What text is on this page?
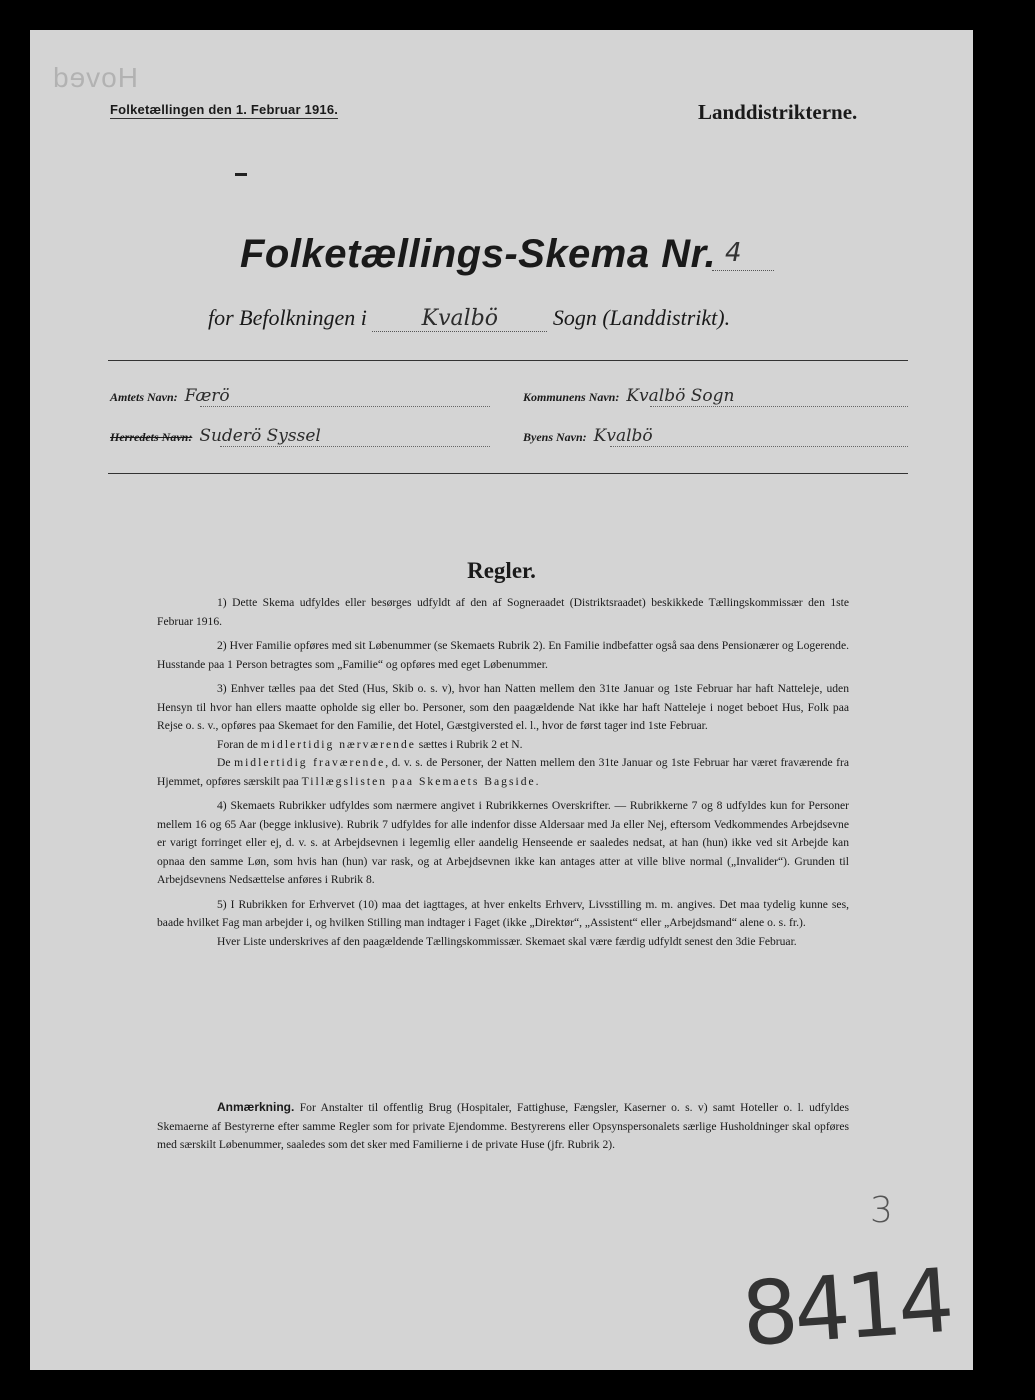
Hoved
Folketællingen den 1. Februar 1916.	Landdistrikterne.
Folketællings-Skema Nr. 4
for Befolkningen i Kvalbö Sogn (Landdistrikt).
Amtets Navn: Færö	Kommunens Navn: Kvalbö Sogn
Herredets Navn: Suderö Syssel	Byens Navn: Kvalbö
Regler.

1) Dette Skema udfyldes eller besørges udfyldt af den af Sogneraadet (Distriktsraadet) beskikkede Tællingskommissær den 1ste Februar 1916.

2) Hver Familie opføres med sit Løbenummer (se Skemaets Rubrik 2). En Familie indbefatter også saa dens Pensionærer og Logerende. Husstande paa 1 Person betragtes som „Familie“ og opføres med eget Løbenummer.

3) Enhver tælles paa det Sted (Hus, Skib o. s. v), hvor han Natten mellem den 31te Januar og 1ste Februar har haft Natteleje, uden Hensyn til hvor han ellers maatte opholde sig eller bo. Personer, som den paagældende Nat ikke har haft Natteleje i noget beboet Hus, Folk paa Rejse o. s. v., opføres paa Skemaet for den Familie, det Hotel, Gæstgiversted el. l., hvor de først tager ind 1ste Februar.

Foran de midlertidig nærværende sættes i Rubrik 2 et N.

De midlertidig fraværende, d. v. s. de Personer, der Natten mellem den 31te Januar og 1ste Februar har været fraværende fra Hjemmet, opføres særskilt paa Tillægslisten paa Skemaets Bagside.

4) Skemaets Rubrikker udfyldes som nærmere angivet i Rubrikkernes Overskrifter. — Rubrikkerne 7 og 8 udfyldes kun for Personer mellem 16 og 65 Aar (begge inklusive). Rubrik 7 udfyldes for alle indenfor disse Aldersaar med Ja eller Nej, eftersom Vedkommendes Arbejdsevne er varigt forringet eller ej, d. v. s. at Arbejdsevnen i legemlig eller aandelig Henseende er saaledes nedsat, at han (hun) ikke ved sit Arbejde kan opnaa den samme Løn, som hvis han (hun) var rask, og at Arbejdsevnen ikke kan antages atter at ville blive normal („Invalider“). Grunden til Arbejdsevnens Nedsættelse anføres i Rubrik 8.

5) I Rubrikken for Erhvervet (10) maa det iagttages, at hver enkelts Erhverv, Livsstilling m. m. angives. Det maa tydelig kunne ses, baade hvilket Fag man arbejder i, og hvilken Stilling man indtager i Faget (ikke „Direktør“, „Assistent“ eller „Arbejdsmand“ alene o. s. fr.).

Hver Liste underskrives af den paagældende Tællingskommissær. Skemaet skal være færdig udfyldt senest den 3die Februar.

Anmærkning. For Anstalter til offentlig Brug (Hospitaler, Fattighuse, Fængsler, Kaserner o. s. v) samt Hoteller o. l. udfyldes Skemaerne af Bestyrerne efter samme Regler som for private Ejendomme. Bestyrerens eller Opsynspersonalets særlige Husholdninger skal opføres med særskilt Løbenummer, saaledes som det sker med Familierne i de private Huse (jfr. Rubrik 2).
3
8414
